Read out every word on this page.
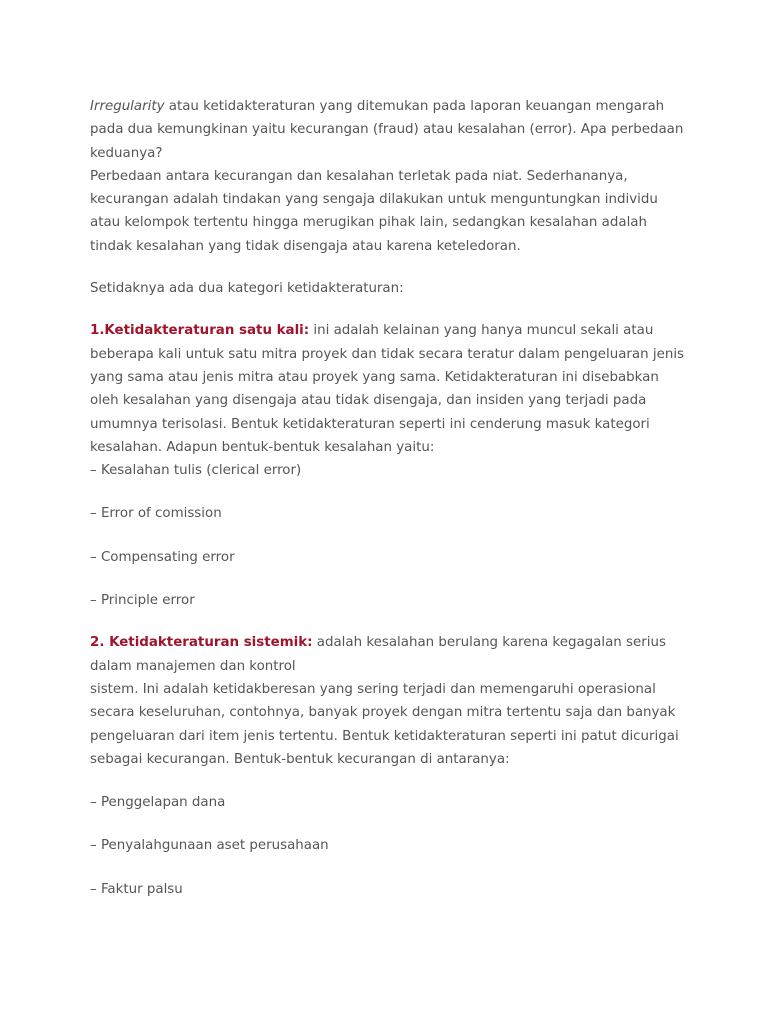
Irregularity atau ketidakteraturan yang ditemukan pada laporan keuangan mengarah
pada dua kemungkinan yaitu kecurangan (fraud) atau kesalahan (error). Apa perbedaan
keduanya?
Perbedaan antara kecurangan dan kesalahan terletak pada niat. Sederhananya,
kecurangan adalah tindakan yang sengaja dilakukan untuk menguntungkan individu
atau kelompok tertentu hingga merugikan pihak lain, sedangkan kesalahan adalah
tindak kesalahan yang tidak disengaja atau karena keteledoran.
Setidaknya ada dua kategori ketidakteraturan:
1.Ketidakteraturan satu kali: ini adalah kelainan yang hanya muncul sekali atau
beberapa kali untuk satu mitra proyek dan tidak secara teratur dalam pengeluaran jenis
yang sama atau jenis mitra atau proyek yang sama. Ketidakteraturan ini disebabkan
oleh kesalahan yang disengaja atau tidak disengaja, dan insiden yang terjadi pada
umumnya terisolasi. Bentuk ketidakteraturan seperti ini cenderung masuk kategori
kesalahan. Adapun bentuk-bentuk kesalahan yaitu:
– Kesalahan tulis (clerical error)
– Error of comission
– Compensating error
– Principle error
2. Ketidakteraturan sistemik: adalah kesalahan berulang karena kegagalan serius
dalam manajemen dan kontrol
sistem. Ini adalah ketidakberesan yang sering terjadi dan memengaruhi operasional
secara keseluruhan, contohnya, banyak proyek dengan mitra tertentu saja dan banyak
pengeluaran dari item jenis tertentu. Bentuk ketidakteraturan seperti ini patut dicurigai
sebagai kecurangan. Bentuk-bentuk kecurangan di antaranya:
– Penggelapan dana
– Penyalahgunaan aset perusahaan
– Faktur palsu
